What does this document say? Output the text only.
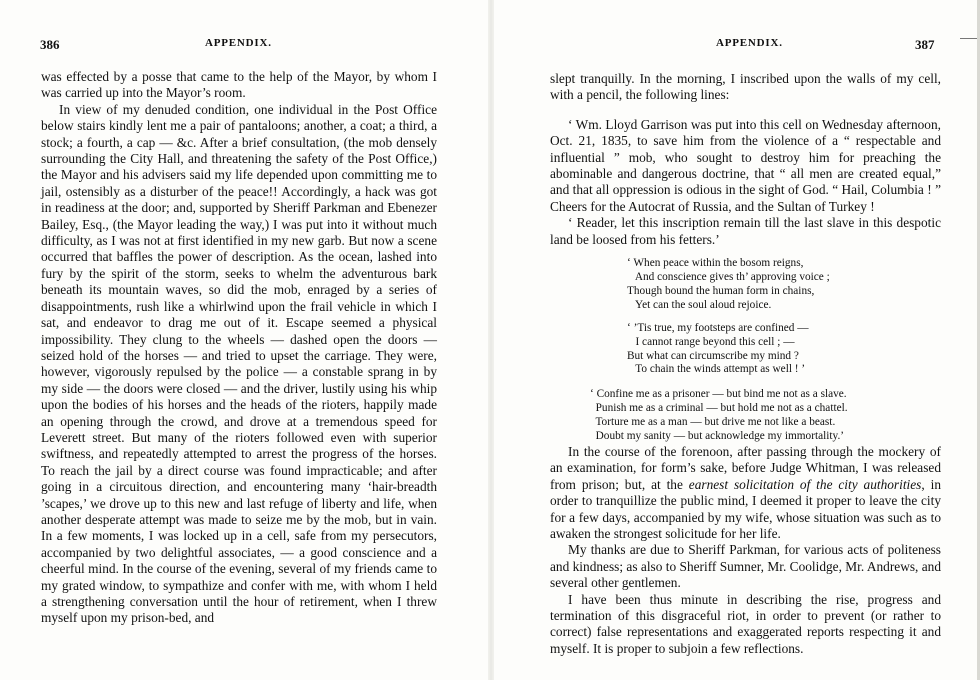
386	APPENDIX.

was effected by a posse that came to the help of the Mayor, by whom I was carried up into the Mayor’s room.

In view of my denuded condition, one individual in the Post Office below stairs kindly lent me a pair of pantaloons; another, a coat; a third, a stock; a fourth, a cap — &c. After a brief consultation, (the mob densely surrounding the City Hall, and threatening the safety of the Post Office,) the Mayor and his advisers said my life depended upon committing me to jail, ostensibly as a disturber of the peace!! Accordingly, a hack was got in readiness at the door; and, supported by Sheriff Parkman and Ebenezer Bailey, Esq., (the Mayor leading the way,) I was put into it without much difficulty, as I was not at first identified in my new garb. But now a scene occurred that baffles the power of description. As the ocean, lashed into fury by the spirit of the storm, seeks to whelm the adventurous bark beneath its mountain waves, so did the mob, enraged by a series of disappointments, rush like a whirlwind upon the frail vehicle in which I sat, and endeavor to drag me out of it. Escape seemed a physical impossibility. They clung to the wheels — dashed open the doors — seized hold of the horses — and tried to upset the carriage. They were, however, vigorously repulsed by the police — a constable sprang in by my side — the doors were closed — and the driver, lustily using his whip upon the bodies of his horses and the heads of the rioters, happily made an opening through the crowd, and drove at a tremendous speed for Leverett street. But many of the rioters followed even with superior swiftness, and repeatedly attempted to arrest the progress of the horses. To reach the jail by a direct course was found impracticable; and after going in a circuitous direction, and encountering many ‘hair-breadth ’scapes,’ we drove up to this new and last refuge of liberty and life, when another desperate attempt was made to seize me by the mob, but in vain. In a few moments, I was locked up in a cell, safe from my persecutors, accompanied by two delightful associates, — a good conscience and a cheerful mind. In the course of the evening, several of my friends came to my grated window, to sympathize and confer with me, with whom I held a strengthening conversation until the hour of retirement, when I threw myself upon my prison-bed, and

APPENDIX.	387

slept tranquilly. In the morning, I inscribed upon the walls of my cell, with a pencil, the following lines:

‘ Wm. Lloyd Garrison was put into this cell on Wednesday afternoon, Oct. 21, 1835, to save him from the violence of a “ respectable and influential ” mob, who sought to destroy him for preaching the abominable and dangerous doctrine, that “ all men are created equal,” and that all oppression is odious in the sight of God. “ Hail, Columbia ! ” Cheers for the Autocrat of Russia, and the Sultan of Turkey !

‘ Reader, let this inscription remain till the last slave in this despotic land be loosed from his fetters.’

‘ When peace within the bosom reigns,
And conscience gives th’ approving voice ;
Though bound the human form in chains,
Yet can the soul aloud rejoice.
‘ ’Tis true, my footsteps are confined —
I cannot range beyond this cell ; —
But what can circumscribe my mind ?
To chain the winds attempt as well ! ’
‘ Confine me as a prisoner — but bind me not as a slave.
Punish me as a criminal — but hold me not as a chattel.
Torture me as a man — but drive me not like a beast.
Doubt my sanity — but acknowledge my immortality.’

In the course of the forenoon, after passing through the mockery of an examination, for form’s sake, before Judge Whitman, I was released from prison; but, at the earnest solicitation of the city authorities, in order to tranquillize the public mind, I deemed it proper to leave the city for a few days, accompanied by my wife, whose situation was such as to awaken the strongest solicitude for her life.

My thanks are due to Sheriff Parkman, for various acts of politeness and kindness; as also to Sheriff Sumner, Mr. Coolidge, Mr. Andrews, and several other gentlemen.

I have been thus minute in describing the rise, progress and termination of this disgraceful riot, in order to prevent (or rather to correct) false representations and exaggerated reports respecting it and myself. It is proper to subjoin a few reflections.
